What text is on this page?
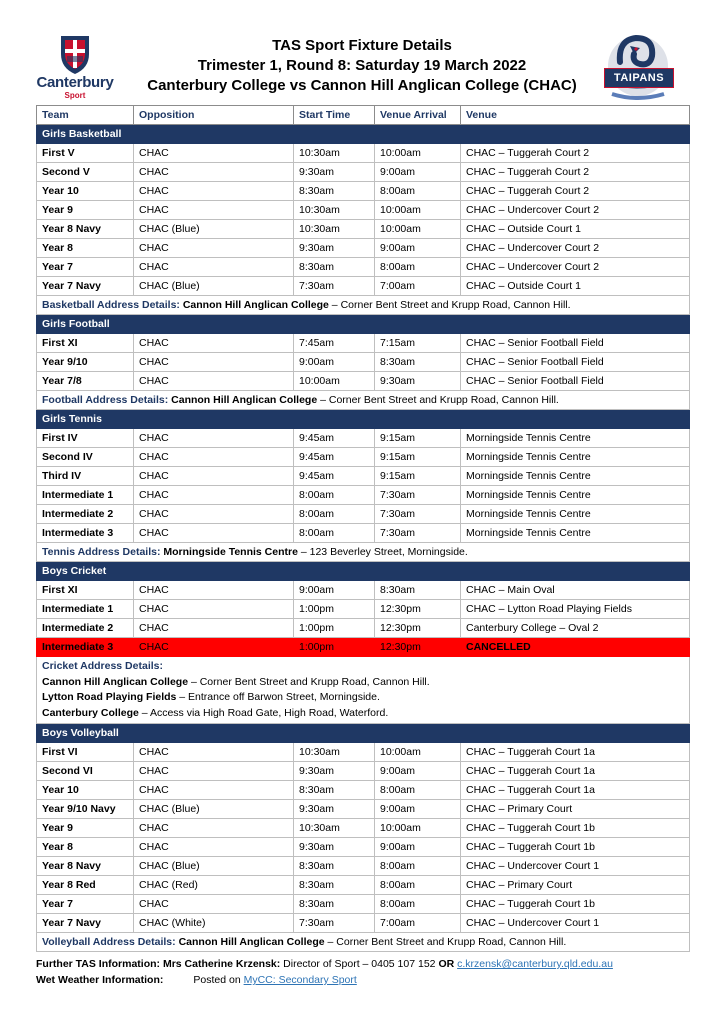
Canterbury
Sport
TAS Sport Fixture Details
Trimester 1, Round 8: Saturday 19 March 2022
Canterbury College vs Cannon Hill Anglican College (CHAC)	TAIPANS
Team	Opposition	Start Time	Venue Arrival	Venue
Girls Basketball				
First V	CHAC	10:30am	10:00am	CHAC – Tuggerah Court 2
Second V	CHAC	9:30am	9:00am	CHAC – Tuggerah Court 2
Year 10	CHAC	8:30am	8:00am	CHAC – Tuggerah Court 2
Year 9	CHAC	10:30am	10:00am	CHAC – Undercover Court 2
Year 8 Navy	CHAC (Blue)	10:30am	10:00am	CHAC – Outside Court 1
Year 8	CHAC	9:30am	9:00am	CHAC – Undercover Court 2
Year 7	CHAC	8:30am	8:00am	CHAC – Undercover Court 2
Year 7 Navy	CHAC (Blue)	7:30am	7:00am	CHAC – Outside Court 1
Basketball Address Details: Cannon Hill Anglican College – Corner Bent Street and Krupp Road, Cannon Hill.				
Girls Football				
First XI	CHAC	7:45am	7:15am	CHAC – Senior Football Field
Year 9/10	CHAC	9:00am	8:30am	CHAC – Senior Football Field
Year 7/8	CHAC	10:00am	9:30am	CHAC – Senior Football Field
Football Address Details: Cannon Hill Anglican College – Corner Bent Street and Krupp Road, Cannon Hill.				
Girls Tennis				
First IV	CHAC	9:45am	9:15am	Morningside Tennis Centre
Second IV	CHAC	9:45am	9:15am	Morningside Tennis Centre
Third IV	CHAC	9:45am	9:15am	Morningside Tennis Centre
Intermediate 1	CHAC	8:00am	7:30am	Morningside Tennis Centre
Intermediate 2	CHAC	8:00am	7:30am	Morningside Tennis Centre
Intermediate 3	CHAC	8:00am	7:30am	Morningside Tennis Centre
Tennis Address Details: Morningside Tennis Centre – 123 Beverley Street, Morningside.				
Boys Cricket				
First XI	CHAC	9:00am	8:30am	CHAC – Main Oval
Intermediate 1	CHAC	1:00pm	12:30pm	CHAC – Lytton Road Playing Fields
Intermediate 2	CHAC	1:00pm	12:30pm	Canterbury College – Oval 2
Intermediate 3	CHAC	1:00pm	12:30pm	CANCELLED

Cricket Address Details:
Cannon Hill Anglican College – Corner Bent Street and Krupp Road, Cannon Hill.
Lytton Road Playing Fields – Entrance off Barwon Street, Morningside.
Canterbury College – Access via High Road Gate, High Road, Waterford.				

Boys Volleyball				
First VI	CHAC	10:30am	10:00am	CHAC – Tuggerah Court 1a
Second VI	CHAC	9:30am	9:00am	CHAC – Tuggerah Court 1a
Year 10	CHAC	8:30am	8:00am	CHAC – Tuggerah Court 1a
Year 9/10 Navy	CHAC (Blue)	9:30am	9:00am	CHAC – Primary Court
Year 9	CHAC	10:30am	10:00am	CHAC – Tuggerah Court 1b
Year 8	CHAC	9:30am	9:00am	CHAC – Tuggerah Court 1b
Year 8 Navy	CHAC (Blue)	8:30am	8:00am	CHAC – Undercover Court 1
Year 8 Red	CHAC (Red)	8:30am	8:00am	CHAC – Primary Court
Year 7	CHAC	8:30am	8:00am	CHAC – Tuggerah Court 1b
Year 7 Navy	CHAC (White)	7:30am	7:00am	CHAC – Undercover Court 1
Volleyball Address Details: Cannon Hill Anglican College – Corner Bent Street and Krupp Road, Cannon Hill.				
Further TAS Information: Mrs Catherine Krzensk: Director of Sport – 0405 107 152 OR c.krzensk@canterbury.qld.edu.au
Wet Weather Information:	Posted on MyCC: Secondary Sport
